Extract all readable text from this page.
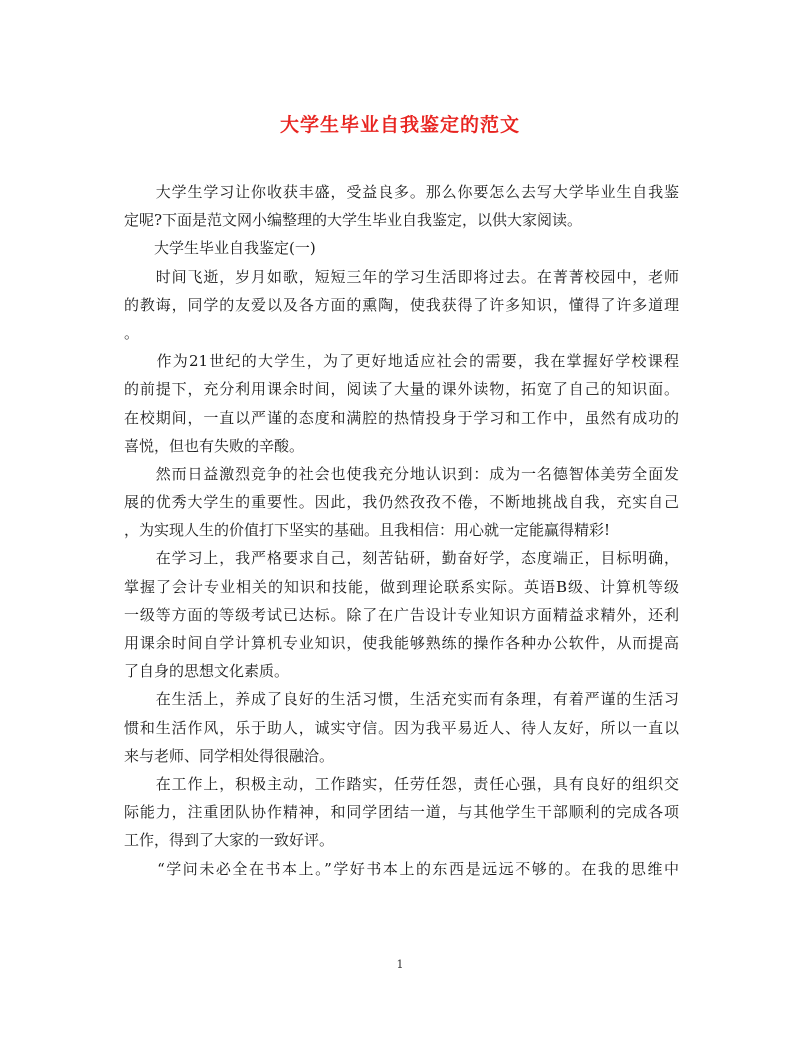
大学生毕业自我鉴定的范文
　　大学生学习让你收获丰盛，受益良多。那么你要怎么去写大学毕业生自我鉴
定呢?下面是范文网小编整理的大学生毕业自我鉴定，以供大家阅读。
　　大学生毕业自我鉴定(一)
　　时间飞逝，岁月如歌，短短三年的学习生活即将过去。在菁菁校园中，老师
的教诲，同学的友爱以及各方面的熏陶，使我获得了许多知识，懂得了许多道理
。
　　作为21世纪的大学生，为了更好地适应社会的需要，我在掌握好学校课程
的前提下，充分利用课余时间，阅读了大量的课外读物，拓宽了自己的知识面。
在校期间，一直以严谨的态度和满腔的热情投身于学习和工作中，虽然有成功的
喜悦，但也有失败的辛酸。
　　然而日益激烈竞争的社会也使我充分地认识到：成为一名德智体美劳全面发
展的优秀大学生的重要性。因此，我仍然孜孜不倦，不断地挑战自我，充实自己
，为实现人生的价值打下坚实的基础。且我相信：用心就一定能赢得精彩!
　　在学习上，我严格要求自己，刻苦钻研，勤奋好学，态度端正，目标明确，
掌握了会计专业相关的知识和技能，做到理论联系实际。英语B级、计算机等级
一级等方面的等级考试已达标。除了在广告设计专业知识方面精益求精外，还利
用课余时间自学计算机专业知识，使我能够熟练的操作各种办公软件，从而提高
了自身的思想文化素质。
　　在生活上，养成了良好的生活习惯，生活充实而有条理，有着严谨的生活习
惯和生活作风，乐于助人，诚实守信。因为我平易近人、待人友好，所以一直以
来与老师、同学相处得很融洽。
　　在工作上，积极主动，工作踏实，任劳任怨，责任心强，具有良好的组织交
际能力，注重团队协作精神，和同学团结一道，与其他学生干部顺利的完成各项
工作，得到了大家的一致好评。
　　“学问未必全在书本上。”学好书本上的东西是远远不够的。在我的思维中
1
